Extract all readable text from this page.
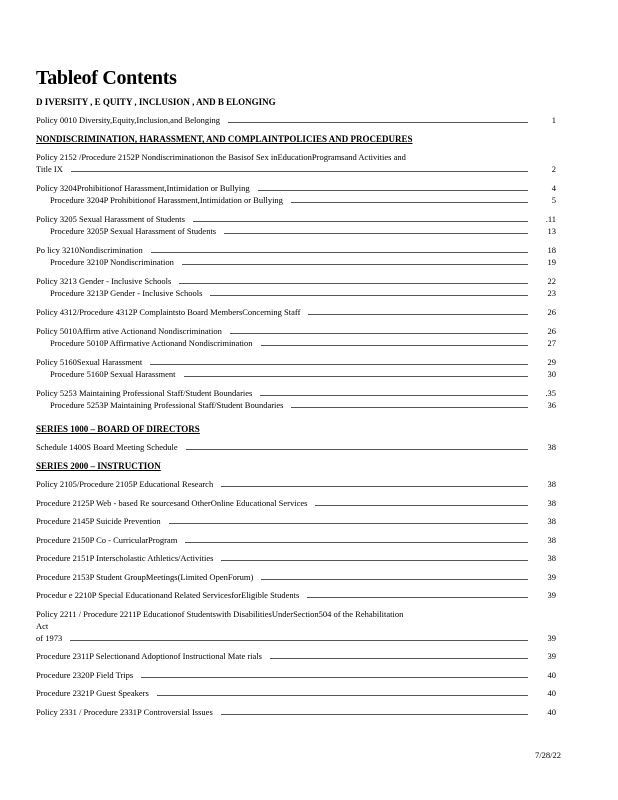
Tableof Contents
D IVERSITY , E QUITY , INCLUSION , AND B ELONGING
Policy 0010 Diversity,Equity,Inclusion,and Belonging	1
NONDISCRIMINATION, HARASSMENT, AND COMPLAINTPOLICIES AND PROCEDURES
Policy 2152 /Procedure 2152P Nondiscriminationon the Basisof Sex inEducationProgramsand Activities and
Title IX	2
Policy 3204Prohibitionof Harassment,Intimidation or Bullying	4
Procedure 3204P Prohibitionof Harassment,Intimidation or Bullying	5
Policy 3205 Sexual Harassment of Students	.11
Procedure 3205P Sexual Harassment of Students	13
Po licy 3210Nondiscrimination	18
Procedure 3210P Nondiscrimination	19
Policy 3213 Gender - Inclusive Schools	22
Procedure 3213P Gender - Inclusive Schools	23
Policy 4312/Procedure 4312P Complaintsto Board MembersConcerning Staff	26
Policy 5010Affirm ative Actionand Nondiscrimination	26
Procedure 5010P Affirmative Actionand Nondiscrimination	27
Policy 5160Sexual Harassment	29
Procedure 5160P Sexual Harassment	30
Policy 5253 Maintaining Professional Staff/Student Boundaries	.35
Procedure 5253P Maintaining Professional Staff/Student Boundaries	36
SERIES 1000 – BOARD OF DIRECTORS
Schedule 1400S Board Meeting Schedule	38
SERIES 2000 – INSTRUCTION
Policy 2105/Procedure 2105P Educational Research	38
Procedure 2125P Web - based Re sourcesand OtherOnline Educational Services	38
Procedure 2145P Suicide Prevention	38
Procedure 2150P Co - CurricularProgram	38
Procedure 2151P Interscholastic Athletics/Activities	38
Procedure 2153P Student GroupMeetings(Limited OpenForum)	39
Procedur e 2210P Special Educationand Related ServicesforEligible Students	39
Policy 2211 / Procedure 2211P Educationof Studentswith DisabilitiesUnderSection504 of the Rehabilitation
Act
of 1973	39
Procedure 2311P Selectionand Adoptionof Instructional Mate rials	39
Procedure 2320P Field Trips	40
Procedure 2321P Guest Speakers	40
Policy 2331 / Procedure 2331P Controversial Issues	40
7/28/22
